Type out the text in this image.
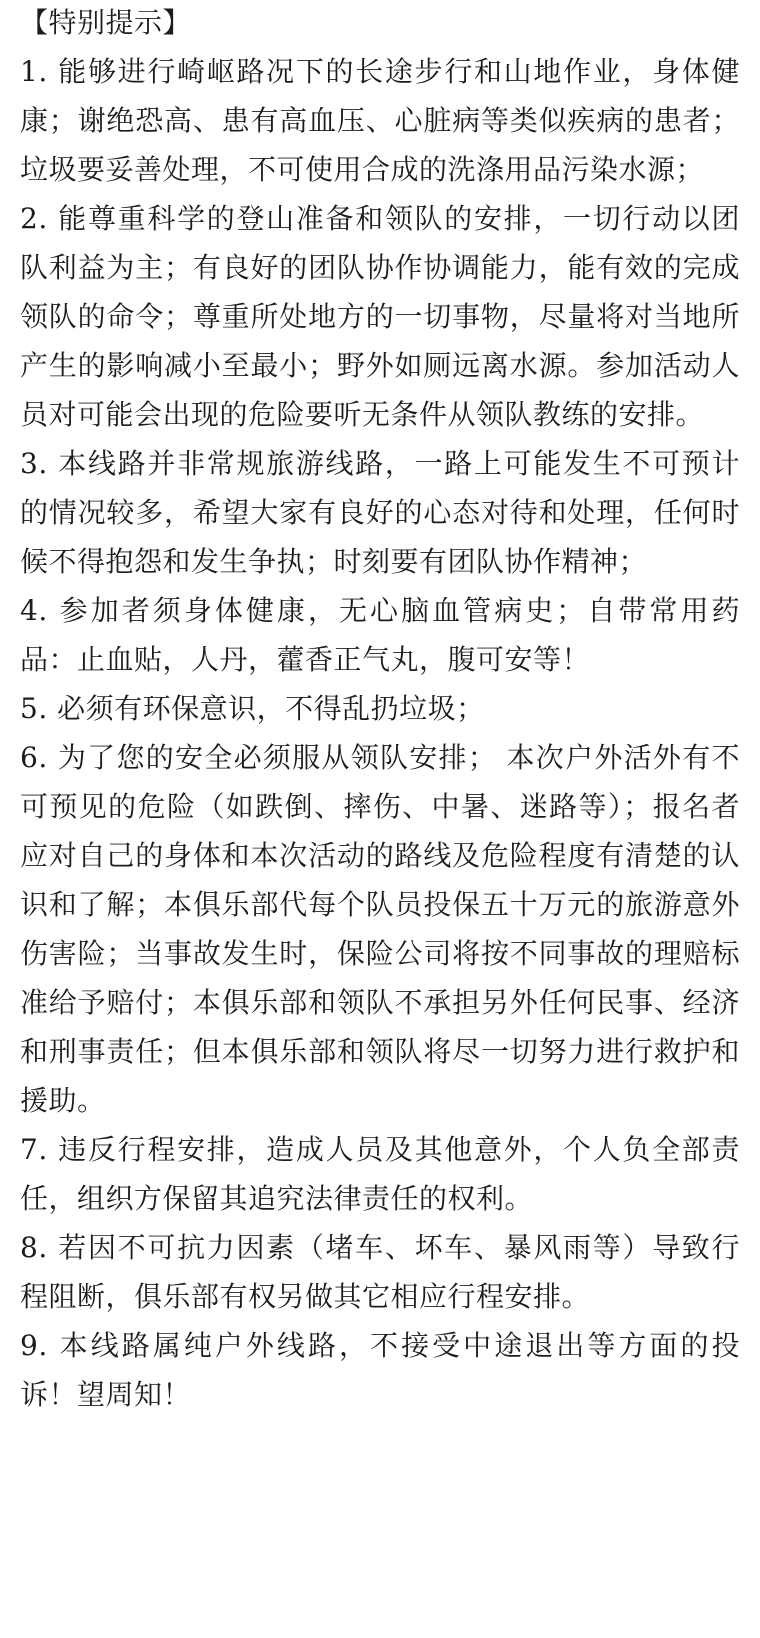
【特别提示】

1. 能够进行崎岖路况下的长途步行和山地作业，身体健康；谢绝恐高、患有高血压、心脏病等类似疾病的患者；垃圾要妥善处理，不可使用合成的洗涤用品污染水源；

2. 能尊重科学的登山准备和领队的安排，一切行动以团队利益为主；有良好的团队协作协调能力，能有效的完成领队的命令；尊重所处地方的一切事物，尽量将对当地所产生的影响减小至最小；野外如厕远离水源。参加活动人员对可能会出现的危险要听无条件从领队教练的安排。

3. 本线路并非常规旅游线路，一路上可能发生不可预计的情况较多，希望大家有良好的心态对待和处理，任何时候不得抱怨和发生争执；时刻要有团队协作精神；

4. 参加者须身体健康，无心脑血管病史；自带常用药品：止血贴，人丹，藿香正气丸，腹可安等！

5. 必须有环保意识，不得乱扔垃圾；

6. 为了您的安全必须服从领队安排； 本次户外活外有不可预见的危险（如跌倒、摔伤、中暑、迷路等）；报名者应对自己的身体和本次活动的路线及危险程度有清楚的认识和了解；本俱乐部代每个队员投保五十万元的旅游意外伤害险；当事故发生时，保险公司将按不同事故的理赔标准给予赔付；本俱乐部和领队不承担另外任何民事、经济和刑事责任；但本俱乐部和领队将尽一切努力进行救护和援助。

7. 违反行程安排，造成人员及其他意外，个人负全部责任，组织方保留其追究法律责任的权利。

8. 若因不可抗力因素（堵车、坏车、暴风雨等）导致行程阻断，俱乐部有权另做其它相应行程安排。

9. 本线路属纯户外线路，不接受中途退出等方面的投诉！望周知！
